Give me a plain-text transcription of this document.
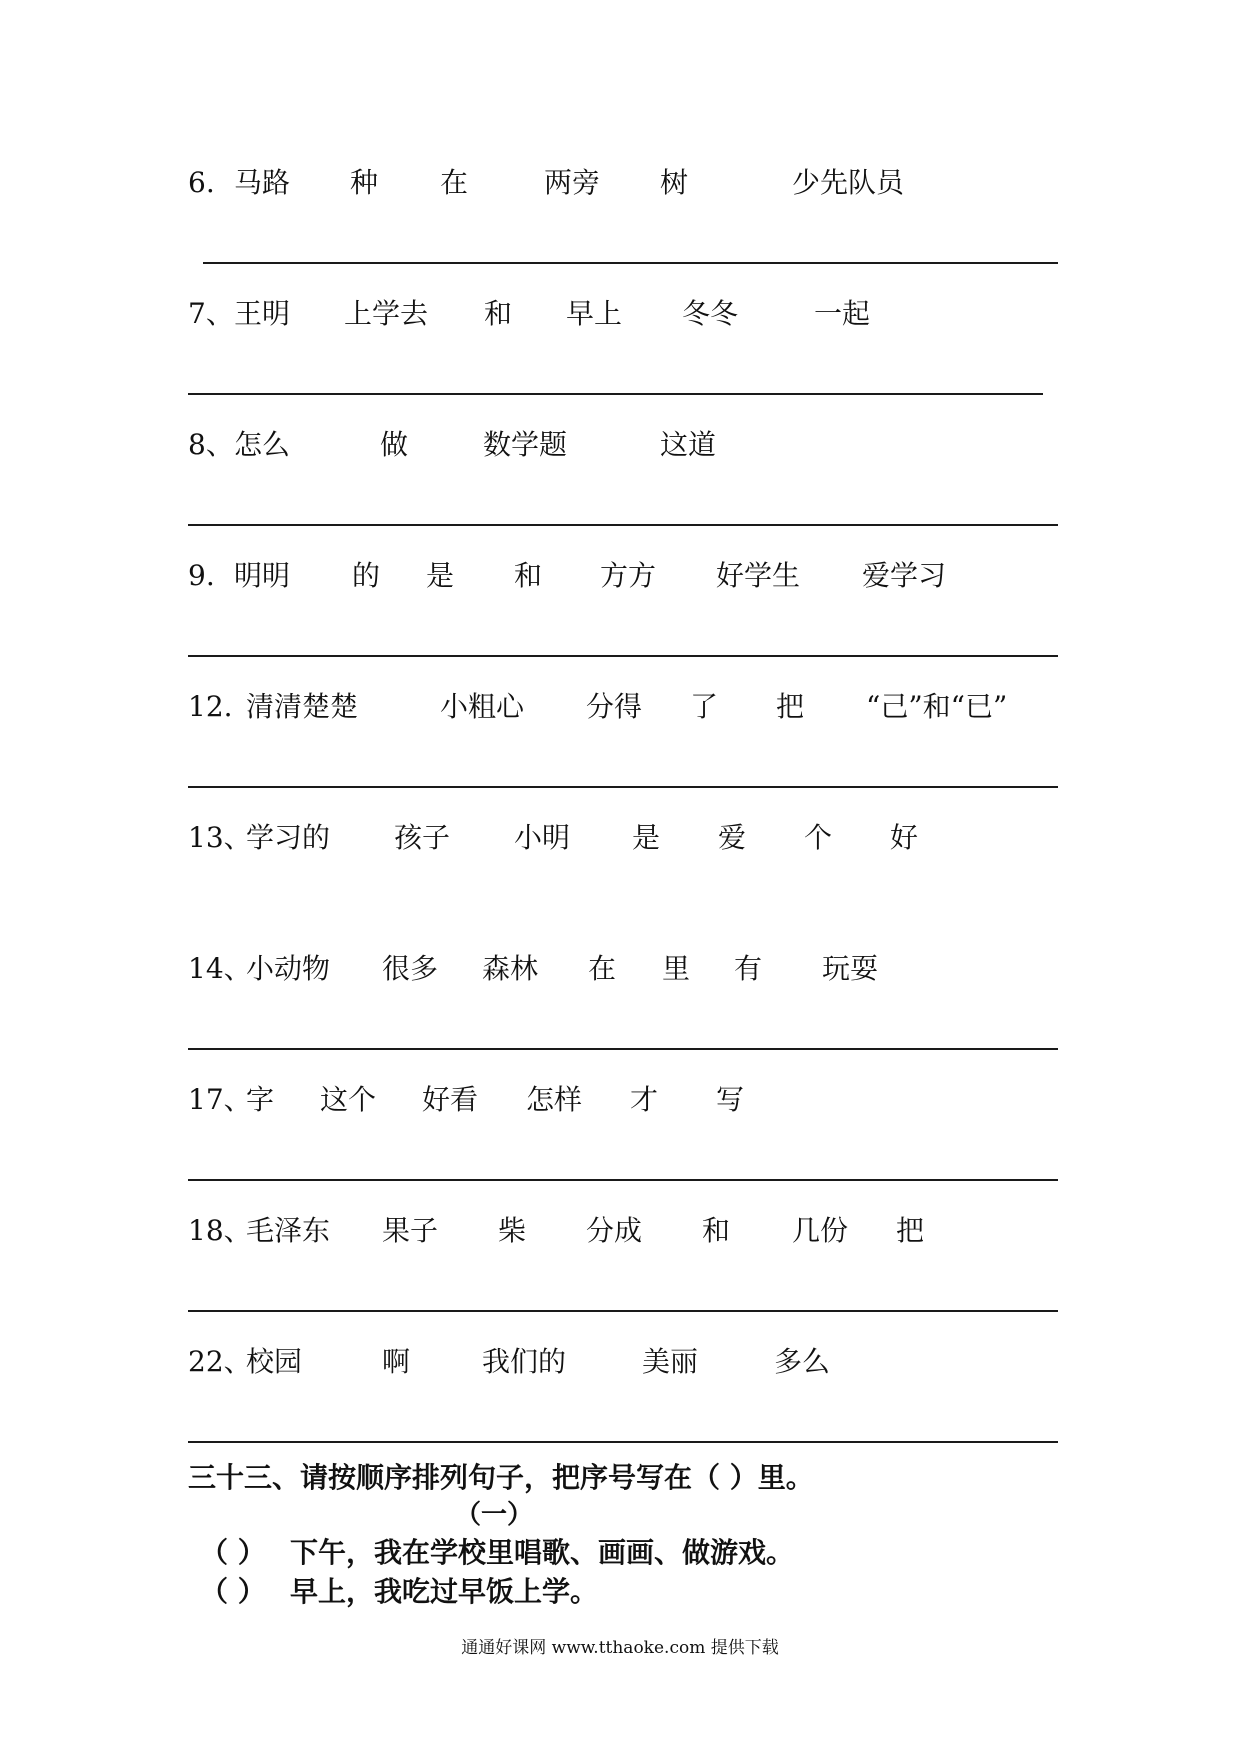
6. 马路 种 在	两旁 树	少先队员
7、 王明 上学去 和 早上 冬冬	一起
8、 怎么	做	数学题	这道
9. 明明 的 是 和 方方 好学生 爱学习
12. 清清楚楚	小粗心 分得 了 把 “己”和“已”
13、
学习的 孩子 小明 是 爱 个 好
14、
小动物 很多 森林 在 里 有 玩耍
17、
字 这个 好看 怎样 才 写
18、
毛泽东 果子 柴 分成 和 几份 把
22、
校园	啊	我们的	美丽	多么
三十三、请按顺序排列句子，把序号写在（ ）里。
（一）
（ ） 下午，我在学校里唱歌、画画、做游戏。
（ ） 早上，我吃过早饭上学。
通通好课网 www.tthaoke.com 提供下载
